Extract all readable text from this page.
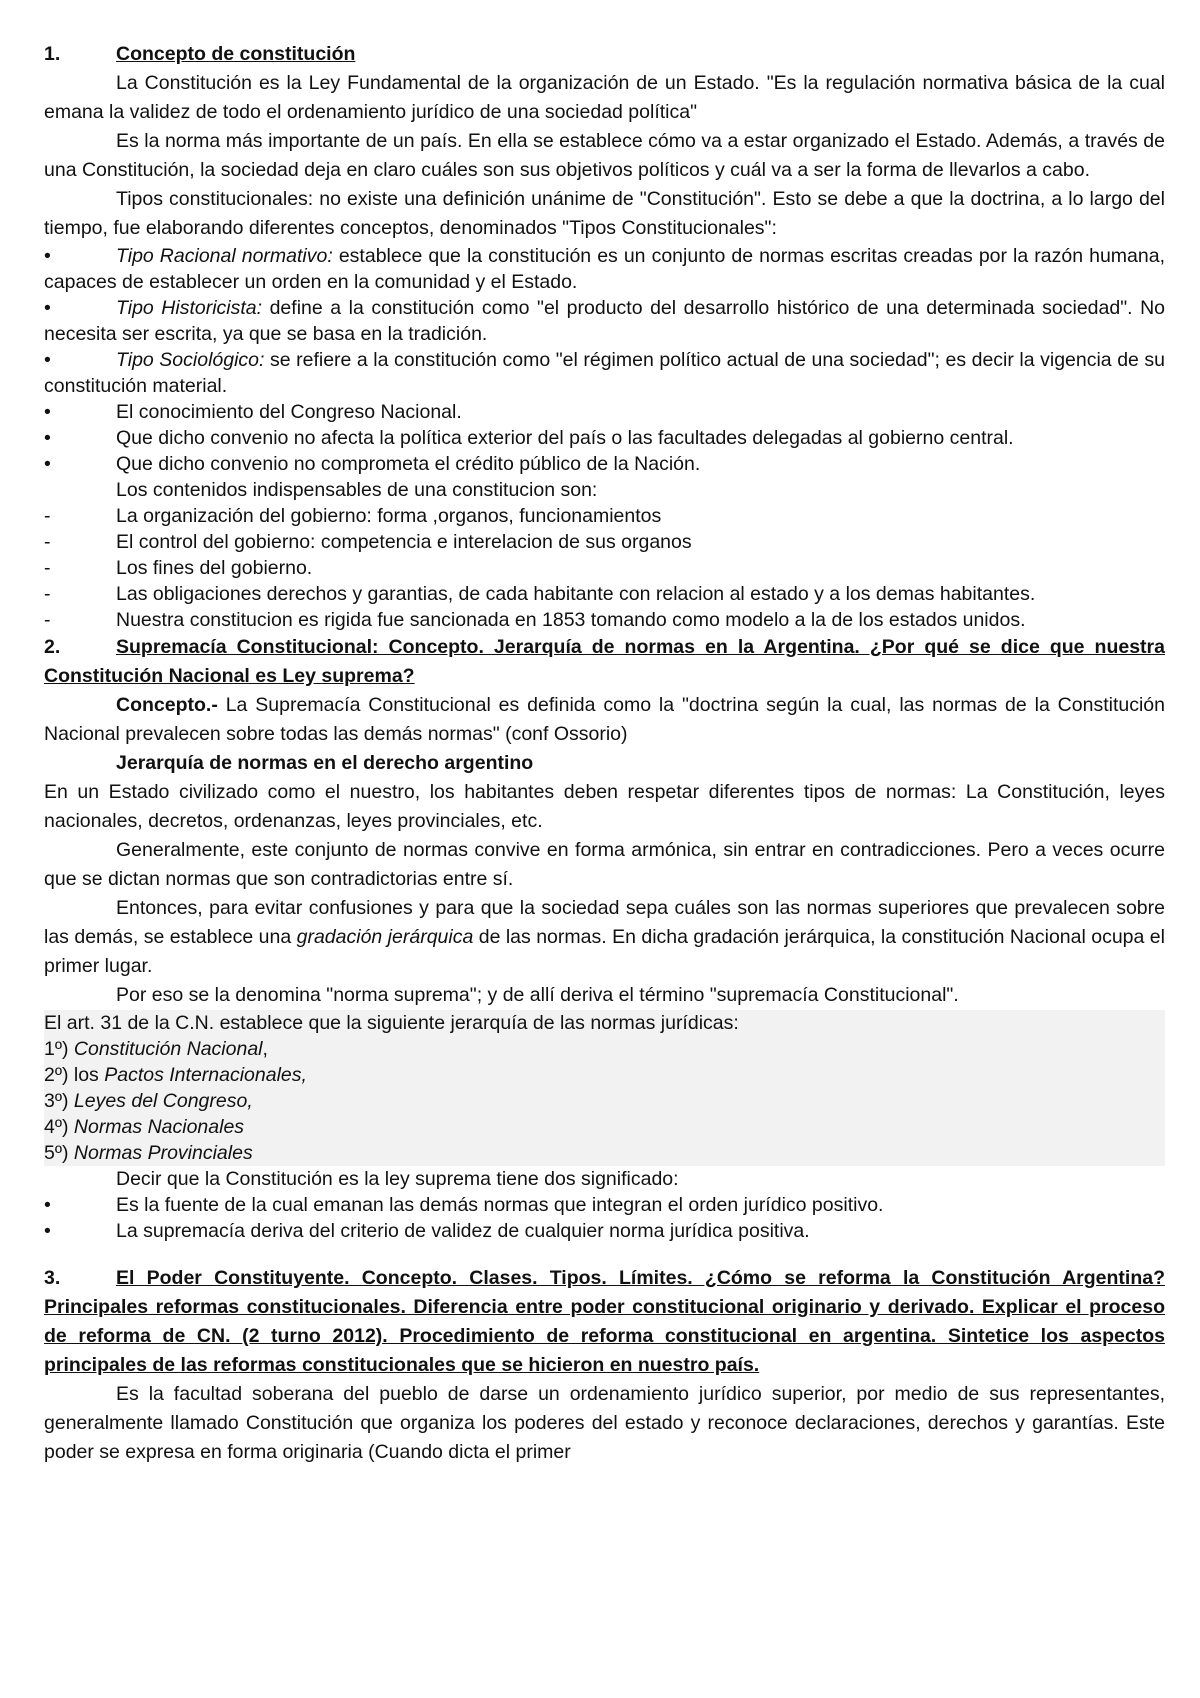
1.	Concepto de constitución

La Constitución es la Ley Fundamental de la organización de un Estado. "Es la regulación normativa básica de la cual emana la validez de todo el ordenamiento jurídico de una sociedad política"

Es la norma más importante de un país. En ella se establece cómo va a estar organizado el Estado. Además, a través de una Constitución, la sociedad deja en claro cuáles son sus objetivos políticos y cuál va a ser la forma de llevarlos a cabo.

Tipos constitucionales: no existe una definición unánime de "Constitución". Esto se debe a que la doctrina, a lo largo del tiempo, fue elaborando diferentes conceptos, denominados "Tipos Constitucionales":

•	Tipo Racional normativo: establece que la constitución es un conjunto de normas escritas creadas por la razón humana, capaces de establecer un orden en la comunidad y el Estado.
•	Tipo Historicista: define a la constitución como "el producto del desarrollo histórico de una determinada sociedad". No necesita ser escrita, ya que se basa en la tradición.
•	Tipo Sociológico: se refiere a la constitución como "el régimen político actual de una sociedad"; es decir la vigencia de su constitución material.
•	El conocimiento del Congreso Nacional.
•	Que dicho convenio no afecta la política exterior del país o las facultades delegadas al gobierno central.
•	Que dicho convenio no comprometa el crédito público de la Nación.

Los contenidos indispensables de una constitucion son:

-	La organización del gobierno: forma ,organos, funcionamientos
-	El control del gobierno: competencia e interelacion de sus organos
-	Los fines del gobierno.
-	Las obligaciones derechos y garantias, de cada habitante con relacion al estado y a los demas habitantes.
-	Nuestra constitucion es rigida fue sancionada en 1853 tomando como modelo a la de los estados unidos.
2.	Supremacía Constitucional: Concepto. Jerarquía de normas en la Argentina. ¿Por qué se dice que nuestra Constitución Nacional es Ley suprema?

Concepto.- La Supremacía Constitucional es definida como la "doctrina según la cual, las normas de la Constitución Nacional prevalecen sobre todas las demás normas" (conf Ossorio)

Jerarquía de normas en el derecho argentino

En un Estado civilizado como el nuestro, los habitantes deben respetar diferentes tipos de normas: La Constitución, leyes nacionales, decretos, ordenanzas, leyes provinciales, etc.

Generalmente, este conjunto de normas convive en forma armónica, sin entrar en contradicciones. Pero a veces ocurre que se dictan normas que son contradictorias entre sí.

Entonces, para evitar confusiones y para que la sociedad sepa cuáles son las normas superiores que prevalecen sobre las demás, se establece una gradación jerárquica de las normas. En dicha gradación jerárquica, la constitución Nacional ocupa el primer lugar.

Por eso se la denomina "norma suprema"; y de allí deriva el término "supremacía Constitucional".

El art. 31 de la C.N. establece que la siguiente jerarquía de las normas jurídicas:
1º) Constitución Nacional,
2º) los Pactos Internacionales,
3º) Leyes del Congreso,
4º) Normas Nacionales
5º) Normas Provinciales

Decir que la Constitución es la ley suprema tiene dos significado:

•	Es la fuente de la cual emanan las demás normas que integran el orden jurídico positivo.
•	La supremacía deriva del criterio de validez de cualquier norma jurídica positiva.
3.	El Poder Constituyente. Concepto. Clases. Tipos. Límites. ¿Cómo se reforma la Constitución Argentina? Principales reformas constitucionales. Diferencia entre poder constitucional originario y derivado. Explicar el proceso de reforma de CN. (2 turno 2012). Procedimiento de reforma constitucional en argentina. Sintetice los aspectos principales de las reformas constitucionales que se hicieron en nuestro país.

Es la facultad soberana del pueblo de darse un ordenamiento jurídico superior, por medio de sus representantes, generalmente llamado Constitución que organiza los poderes del estado y reconoce declaraciones, derechos y garantías. Este poder se expresa en forma originaria (Cuando dicta el primer
